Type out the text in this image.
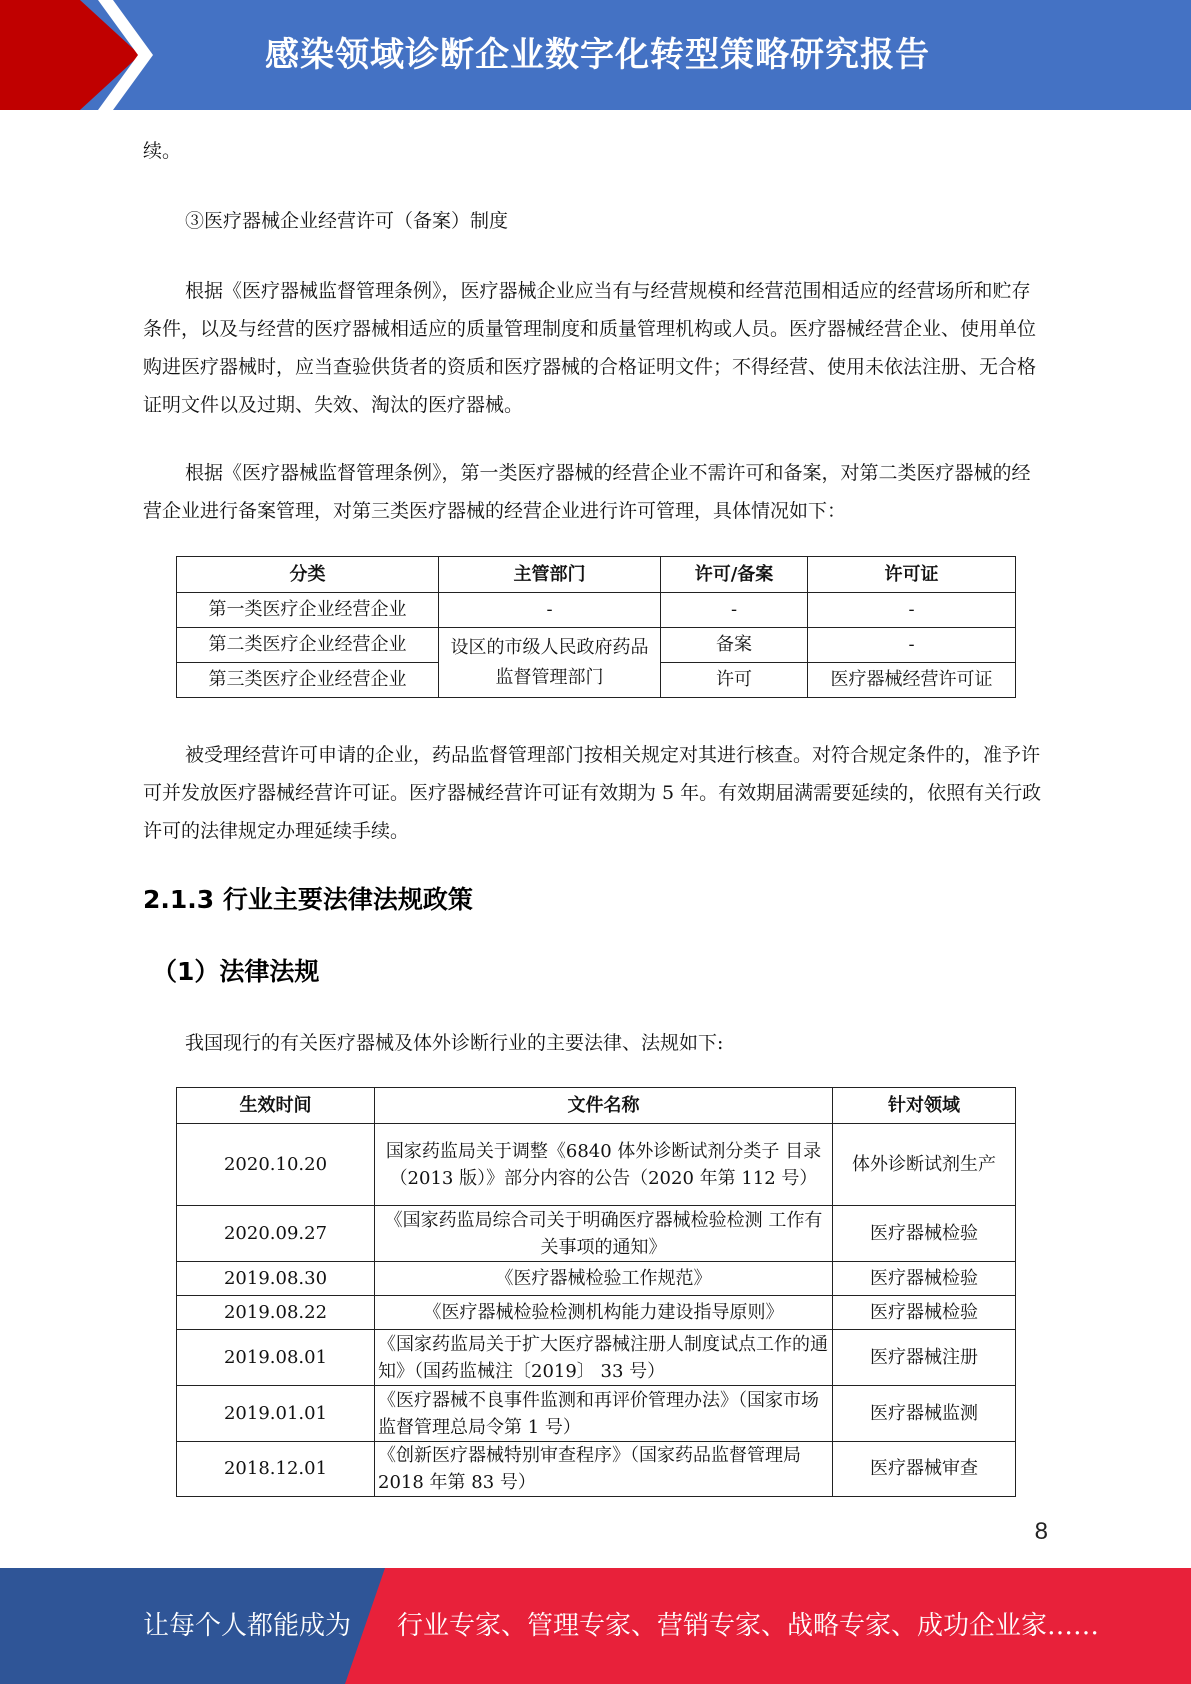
感染领域诊断企业数字化转型策略研究报告
续。
③医疗器械企业经营许可（备案）制度
根据《医疗器械监督管理条例》，医疗器械企业应当有与经营规模和经营范围相适应的经营场所和贮存条件，以及与经营的医疗器械相适应的质量管理制度和质量管理机构或人员。医疗器械经营企业、使用单位购进医疗器械时，应当查验供货者的资质和医疗器械的合格证明文件；不得经营、使用未依法注册、无合格证明文件以及过期、失效、淘汰的医疗器械。
根据《医疗器械监督管理条例》，第一类医疗器械的经营企业不需许可和备案，对第二类医疗器械的经营企业进行备案管理，对第三类医疗器械的经营企业进行许可管理，具体情况如下：
分类	主管部门	许可/备案	许可证
第一类医疗企业经营企业	-	-	-
第二类医疗企业经营企业	设区的市级人民政府药品监督管理部门	备案	-
第三类医疗企业经营企业		许可	医疗器械经营许可证
被受理经营许可申请的企业，药品监督管理部门按相关规定对其进行核查。对符合规定条件的，准予许可并发放医疗器械经营许可证。医疗器械经营许可证有效期为 5 年。有效期届满需要延续的，依照有关行政许可的法律规定办理延续手续。
2.1.3 行业主要法律法规政策
（1）法律法规
我国现行的有关医疗器械及体外诊断行业的主要法律、法规如下:
生效时间	文件名称	针对领域
2020.10.20	国家药监局关于调整《6840 体外诊断试剂分类子 目录（2013 版）》部分内容的公告（2020 年第 112 号）	体外诊断试剂生产
2020.09.27	《国家药监局综合司关于明确医疗器械检验检测 工作有关事项的通知》	医疗器械检验
2019.08.30	《医疗器械检验工作规范》	医疗器械检验
2019.08.22	《医疗器械检验检测机构能力建设指导原则》	医疗器械检验
2019.08.01	《国家药监局关于扩大医疗器械注册人制度试点工作的通知》（国药监械注〔2019〕 33 号）	医疗器械注册
2019.01.01	《医疗器械不良事件监测和再评价管理办法》（国家市场监督管理总局令第 1 号）	医疗器械监测
2018.12.01	《创新医疗器械特别审查程序》（国家药品监督管理局 2018 年第 83 号）	医疗器械审查
8
让每个人都能成为 行业专家、管理专家、营销专家、战略专家、成功企业家……
